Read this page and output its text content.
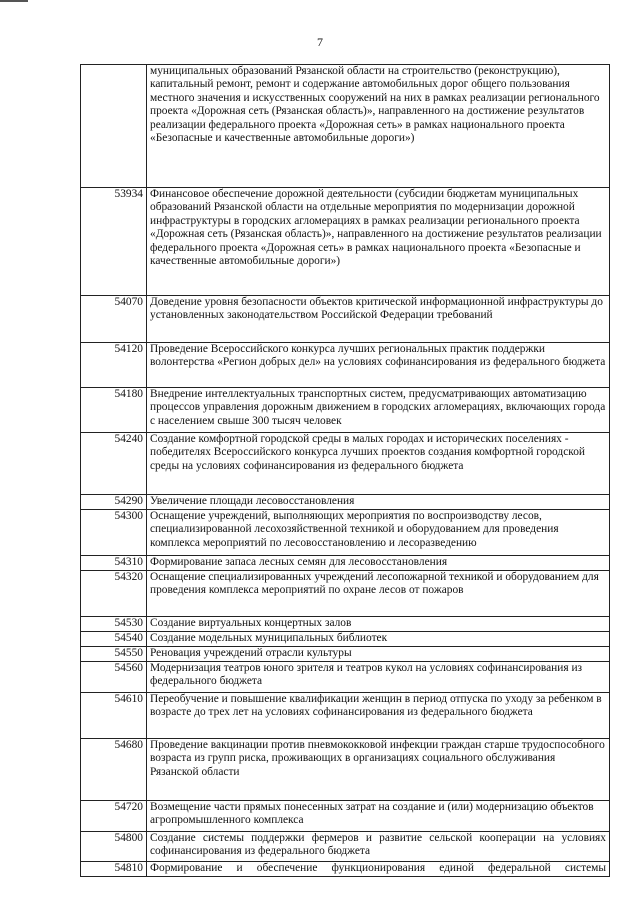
7
	муниципальных образований Рязанской области на строительство (реконструкцию), капитальный ремонт, ремонт и содержание автомобильных дорог общего пользования местного значения и искусственных сооружений на них в рамках реализации регионального проекта «Дорожная сеть (Рязанская область)», направленного на достижение результатов реализации федерального проекта «Дорожная сеть» в рамках национального проекта «Безопасные и качественные автомобильные дороги»)
53934	Финансовое обеспечение дорожной деятельности (субсидии бюджетам муниципальных образований Рязанской области на отдельные мероприятия по модернизации дорожной инфраструктуры в городских агломерациях в рамках реализации регионального проекта «Дорожная сеть (Рязанская область)», направленного на достижение результатов реализации федерального проекта «Дорожная сеть» в рамках национального проекта «Безопасные и качественные автомобильные дороги»)
54070	Доведение уровня безопасности объектов критической информационной инфраструктуры до установленных законодательством Российской Федерации требований
54120	Проведение Всероссийского конкурса лучших региональных практик поддержки волонтерства «Регион добрых дел» на условиях софинансирования из федерального бюджета
54180	Внедрение интеллектуальных транспортных систем, предусматривающих автоматизацию процессов управления дорожным движением в городских агломерациях, включающих города с населением свыше 300 тысяч человек
54240	Создание комфортной городской среды в малых городах и исторических поселениях - победителях Всероссийского конкурса лучших проектов создания комфортной городской среды на условиях софинансирования из федерального бюджета
54290	Увеличение площади лесовосстановления
54300	Оснащение учреждений, выполняющих мероприятия по воспроизводству лесов, специализированной лесохозяйственной техникой и оборудованием для проведения комплекса мероприятий по лесовосстановлению и лесоразведению
54310	Формирование запаса лесных семян для лесовосстановления
54320	Оснащение специализированных учреждений лесопожарной техникой и оборудованием для проведения комплекса мероприятий по охране лесов от пожаров
54530	Создание виртуальных концертных залов
54540	Создание модельных муниципальных библиотек
54550	Реновация учреждений отрасли культуры
54560	Модернизация театров юного зрителя и театров кукол на условиях софинансирования из федерального бюджета
54610	Переобучение и повышение квалификации женщин в период отпуска по уходу за ребенком в возрасте до трех лет на условиях софинансирования из федерального бюджета
54680	Проведение вакцинации против пневмококковой инфекции граждан старше трудоспособного возраста из групп риска, проживающих в организациях социального обслуживания Рязанской области
54720	Возмещение части прямых понесенных затрат на создание и (или) модернизацию объектов агропромышленного комплекса
54800	Создание системы поддержки фермеров и развитие сельской кооперации на условиях софинансирования из федерального бюджета
54810	Формирование и обеспечение функционирования единой федеральной системы
